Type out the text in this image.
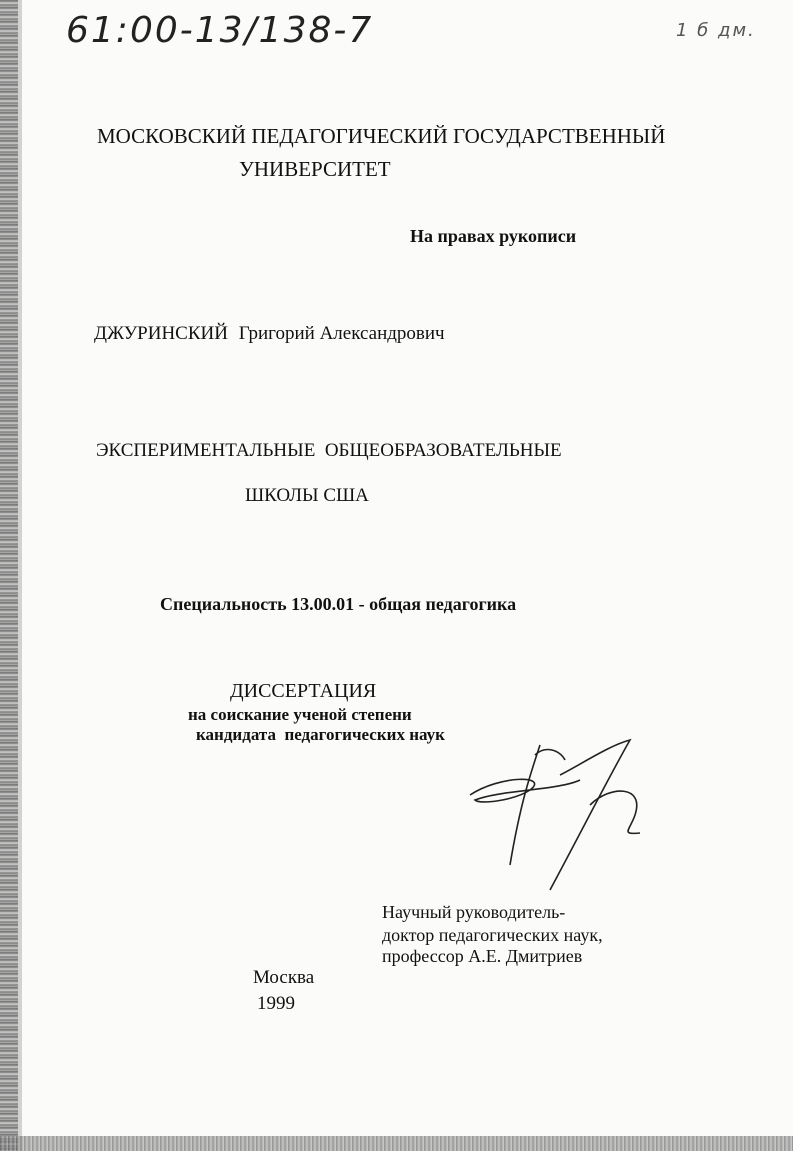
61:00-13/138-7	1 б дм.

МОСКОВСКИЙ ПЕДАГОГИЧЕСКИЙ ГОСУДАРСТВЕННЫЙ

УНИВЕРСИТЕТ

На правах рукописи

ДЖУРИНСКИЙ Григорий Александрович

ЭКСПЕРИМЕНТАЛЬНЫЕ  ОБЩЕОБРАЗОВАТЕЛЬНЫЕ

ШКОЛЫ США

Специальность 13.00.01 - общая педагогика

ДИССЕРТАЦИЯ

на соискание ученой степени

кандидата  педагогических наук

Научный руководитель-

доктор педагогических наук,

профессор А.Е. Дмитриев

Москва

1999
